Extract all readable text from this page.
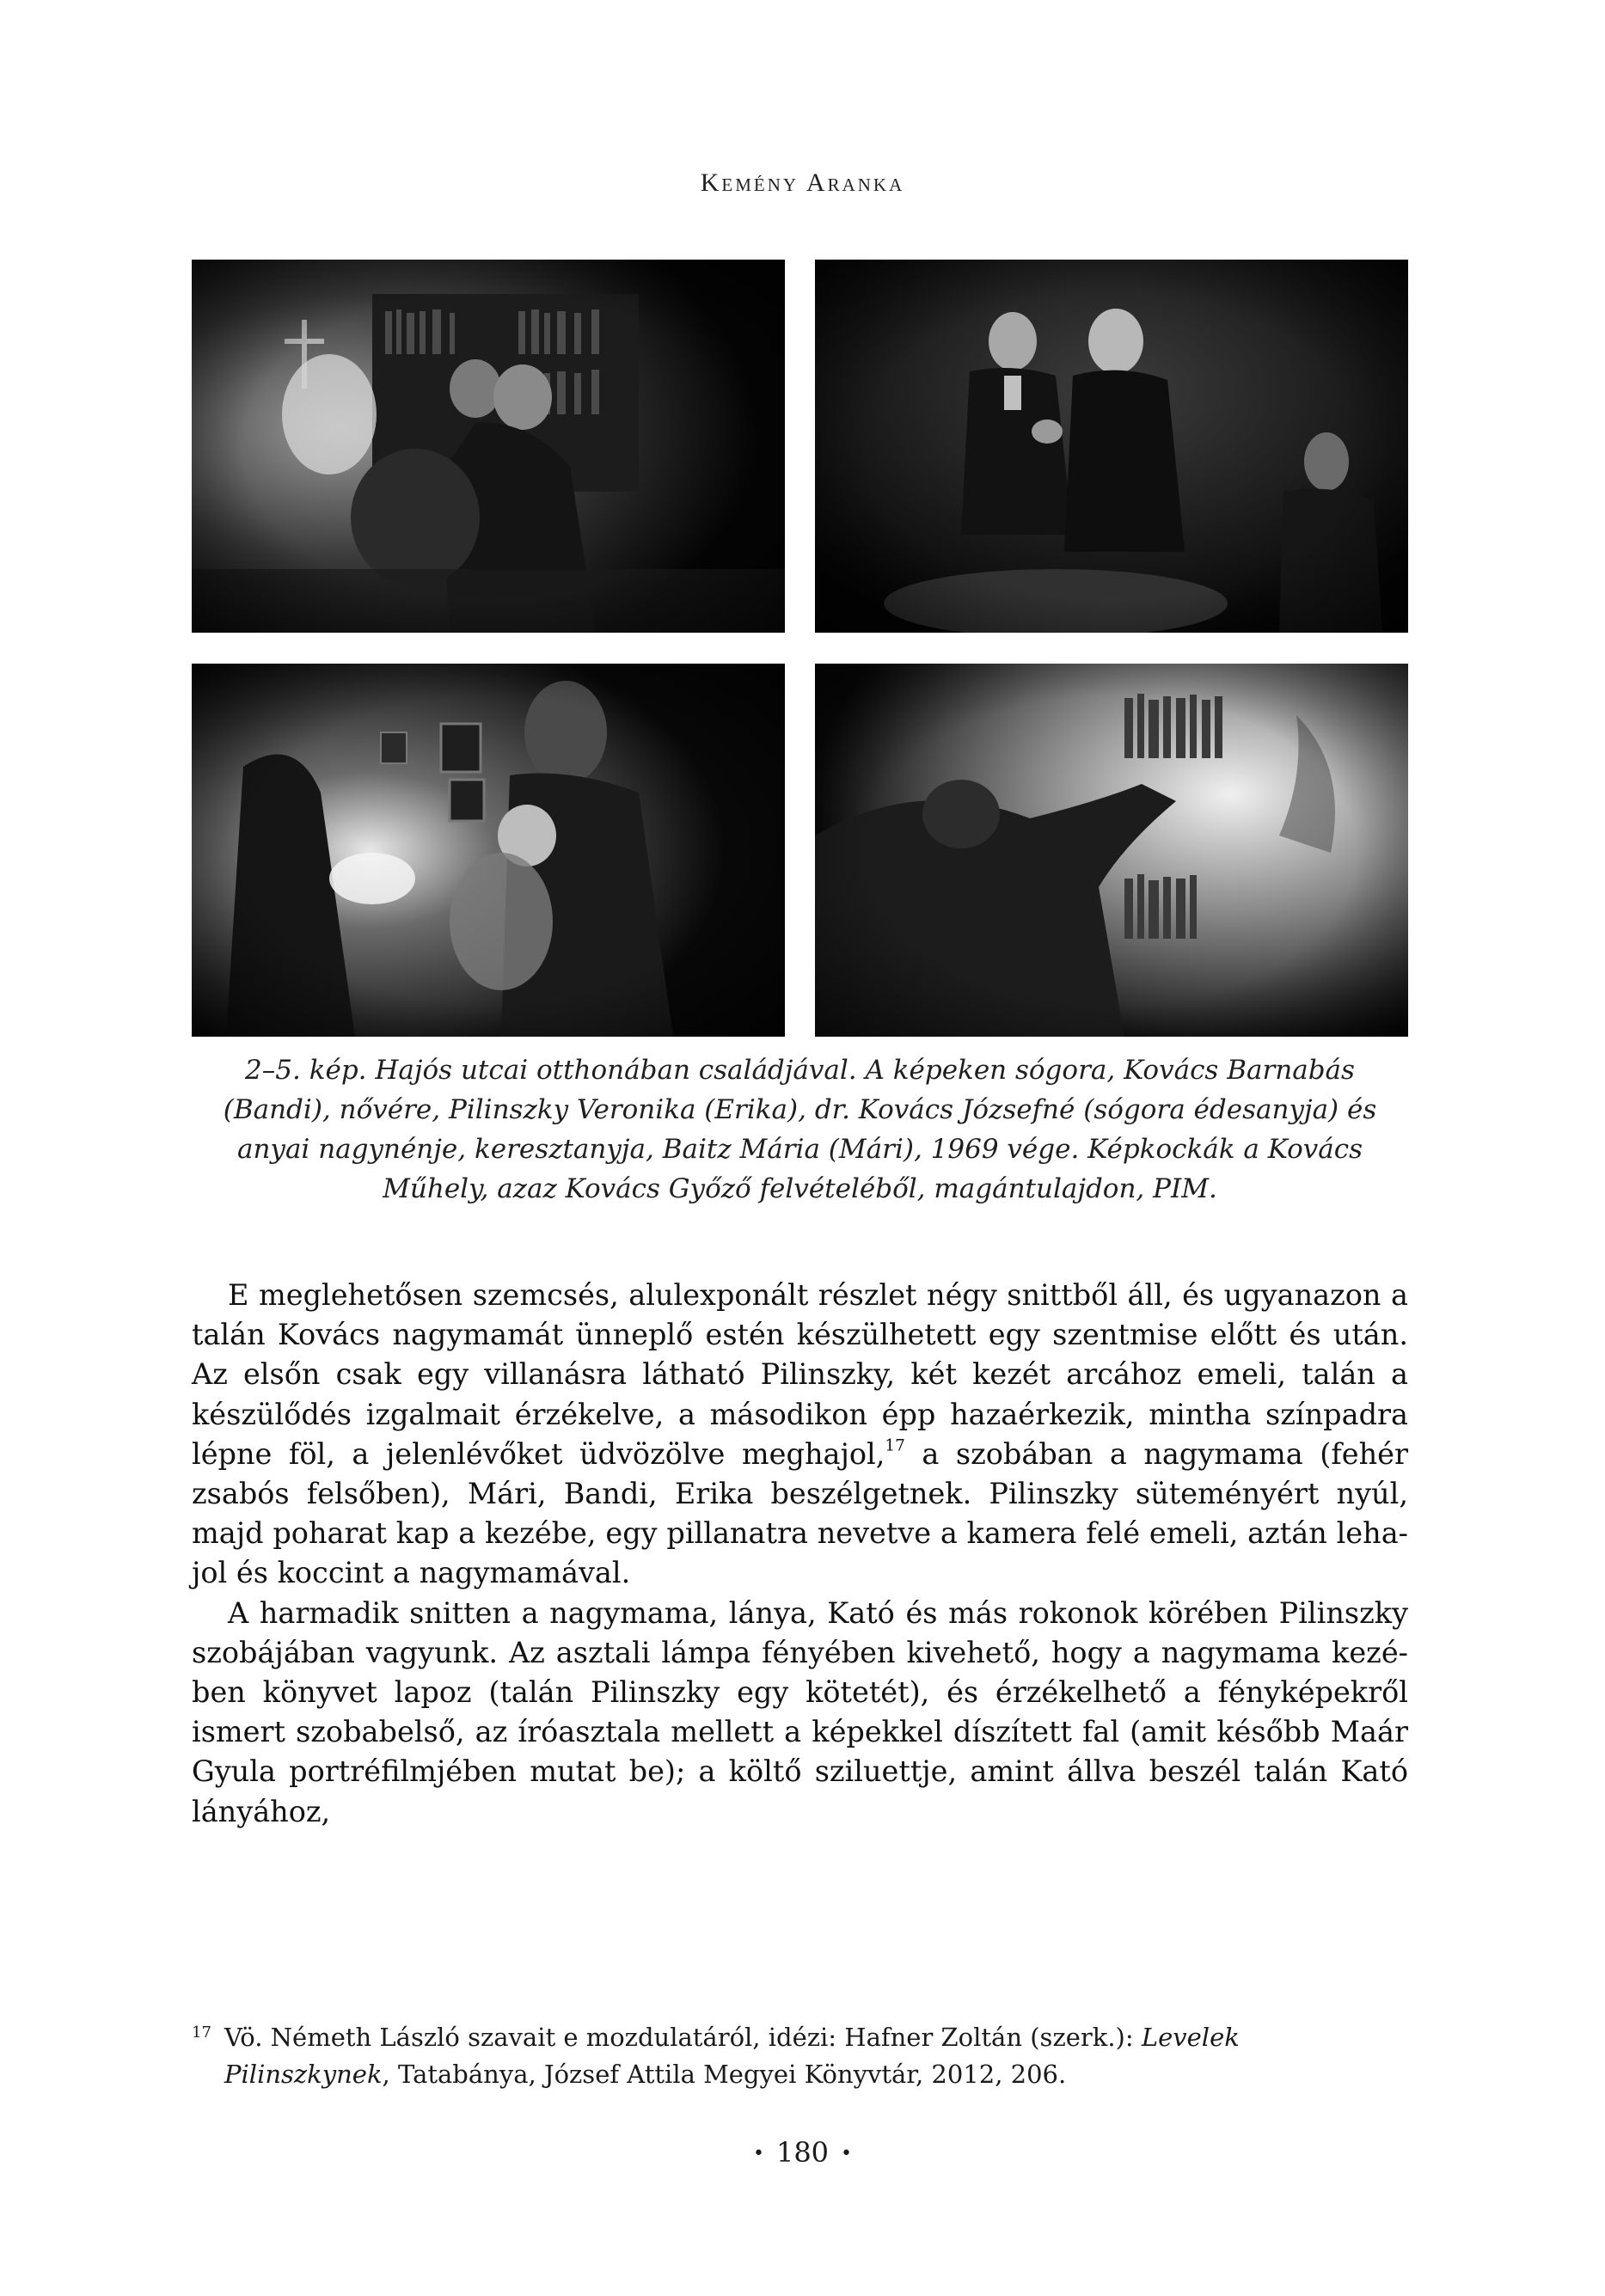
Kemény Aranka
2–5. kép. Hajós utcai otthonában családjával. A képeken sógora, Kovács Barnabás (Bandi), nővére, Pilinszky Veronika (Erika), dr. Kovács Józsefné (sógora édesanyja) és anyai nagynénje, keresztanyja, Baitz Mária (Mári), 1969 vége. Képkockák a Kovács Műhely, azaz Kovács Győző felvételéből, magántulajdon, PIM.

E meglehetősen szemcsés, alulexponált részlet négy snittből áll, és ugyanazon a talán Kovács nagymamát ünneplő estén készülhetett egy szentmise előtt és után. Az elsőn csak egy villanásra látható Pilinszky, két kezét arcához emeli, talán a készülődés izgalmait érzékelve, a másodikon épp hazaérkezik, mintha színpadra lépne föl, a jelenlévőket üdvözölve meghajol,$^{17}$ a szobában a nagymama (fehér zsabós felsőben), Mári, Bandi, Erika beszélgetnek. Pilinszky süteményért nyúl, majd poharat kap a kezébe, egy pillanatra nevetve a kamera felé emeli, aztán lehajol és koccint a nagymamával.

A harmadik snitten a nagymama, lánya, Kató és más rokonok körében Pilinszky szobájában vagyunk. Az asztali lámpa fényében kivehető, hogy a nagymama kezében könyvet lapoz (talán Pilinszky egy kötetét), és érzékelhető a fényképekről ismert szobabelső, az íróasztala mellett a képekkel díszített fal (amit később Maár Gyula portréfilmjében mutat be); a költő sziluettje, amint állva beszél talán Kató lányához,

17 Vö. Németh László szavait e mozdulatáról, idézi: Hafner Zoltán (szerk.): Levelek Pilinszkynek, Tatabánya, József Attila Megyei Könyvtár, 2012, 206.
• 180 •
